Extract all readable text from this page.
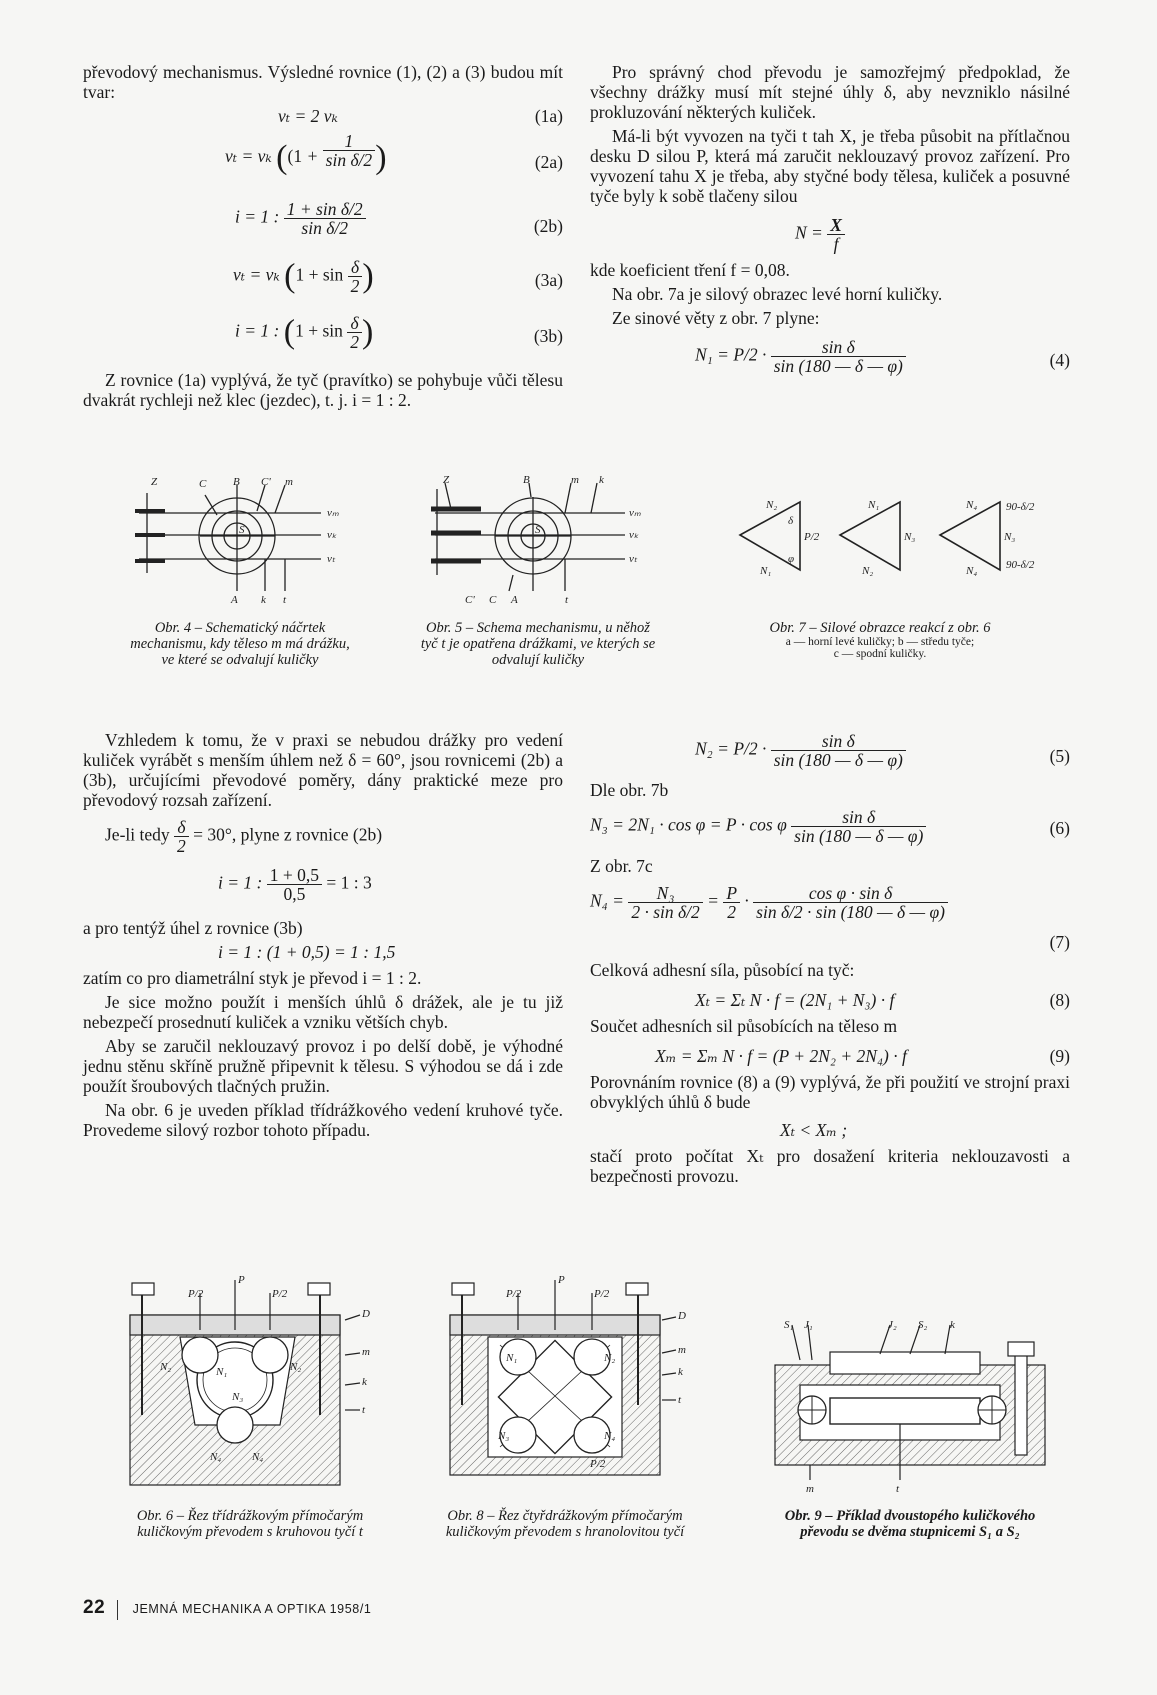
převodový mechanismus. Výsledné rovnice (1), (2) a (3) budou mít tvar:

vₜ = 2 vₖ	(1a)
vₜ = vₖ (($1 + \frac{1}{\text{sin δ/2}}$ )	(2a)
i = 1 : $\frac{\text{1 + sin δ/2}}{\text{sin δ/2}}$	(2b)
vₜ = vₖ ($1 + \sin \frac{\delta}{2}$ )	(3a)
i = 1 : ($1 + \sin \frac{\delta}{2}$ )	(3b)

Z rovnice (1a) vyplývá, že tyč (pravítko) se pohybuje vůči tělesu dvakrát rychleji než klec (jezdec), t. j. i = 1 : 2.

Pro správný chod převodu je samozřejmý předpoklad, že všechny drážky musí mít stejné úhly δ, aby nevzniklo násilné prokluzování některých kuliček.

Má-li být vyvozen na tyči t tah X, je třeba působit na přítlačnou desku D silou P, která má zaručit neklouzavý provoz zařízení. Pro vyvození tahu X je třeba, aby styčné body tělesa, kuliček a posuvné tyče byly k sobě tlačeny silou

$N = \frac{X}{f}$

kde koeficient tření f = 0,08.

Na obr. 7a je silový obrazec levé horní kuličky.

Ze sinové věty z obr. 7 plyne:

$N_1 = P/2 \cdot \frac{\text{sin δ}}{\sin (180 — \delta — \varphi)}$	(4)
Z	C B C' m
A k t
vₘ
vₖ
vₜ
S
Obr. 4 – Schematický náčrtek mechanismu, kdy těleso m má drážku, ve které se odvalují kuličky
Z	B	m k
C' C A	t
vₘ
vₖ
vₜ
S
Obr. 5 – Schema mechanismu, u něhož tyč t je opatřena drážkami, ve kterých se odvalují kuličky
N₂
N₁
δ
P/2
φ
N₁
N₂
N₃
N₄
N₄
N₃
90-δ/2
90-δ/2
Obr. 7 – Silové obrazce reakcí z obr. 6
a — horní levé kuličky; b — středu tyče;
c — spodní kuličky.

Vzhledem k tomu, že v praxi se nebudou drážky pro vedení kuliček vyrábět s menším úhlem než δ = 60°, jsou rovnicemi (2b) a (3b), určujícími převodové poměry, dány praktické meze pro převodový rozsah zařízení.

Je-li tedy $\frac{\delta}{2} = 30^\circ$, plyne z rovnice (2b)
i = 1 : $\frac{1 + 0,5}{0,5} = 1$ : 3

a pro tentýž úhel z rovnice (3b)

i = 1 : (1 + 0,5) = 1 : 1,5

zatím co pro diametrální styk je převod i = 1 : 2.

Je sice možno použít i menších úhlů δ drážek, ale je tu již nebezpečí prosednutí kuliček a vzniku větších chyb.

Aby se zaručil neklouzavý provoz i po delší době, je výhodné jednu stěnu skříně pružně připevnit k tělesu. S výhodou se dá i zde použít šroubových tlačných pružin.

Na obr. 6 je uveden příklad třídrážkového vedení kruhové tyče. Provedeme silový rozbor tohoto případu.

$N_2 = P/2 \cdot \frac{\text{sin δ}}{\sin (180 — \delta — \varphi)}$	(5)

Dle obr. 7b

N₃ = 2N₁ · cos φ = P · cos φ $\frac{\text{sin δ}}{\sin (180 — \delta — \varphi)}$	(6)

Z obr. 7c

$N_4 = \frac{\text{N₃}}{\text{2 · sin δ/2}} = \frac{P}{2} \cdot \frac{\text{cos φ · sin δ}}{\text{sin δ/2 · sin (180 — δ — φ)}}$
(7)

Celková adhesní síla, působící na tyč:

Xₜ = Σₜ N · f = (2N₁ + N₃) · f	(8)

Součet adhesních sil působících na těleso m

Xₘ = Σₘ N · f = (P + 2N₂ + 2N₄) · f	(9)

Porovnáním rovnice (8) a (9) vyplývá, že při použití ve strojní praxi obvyklých úhlů δ bude

Xₜ < Xₘ ;

stačí proto počítat Xₜ pro dosažení kriteria neklouzavosti a bezpečnosti provozu.

P
P/2	P/2
D
m
k
t
N₂	N₂
N₁
N₃
N₄	N₄
Obr. 6 – Řez třídrážkovým přímočarým kuličkovým převodem s kruhovou tyčí t
P
P/2	P/2
D
m
k
t
N₁	N₂
N₃	N₄
P/2
Obr. 8 – Řez čtyřdrážkovým přímočarým kuličkovým převodem s hranolovitou tyčí
S₁ J₁	J₂ S₂ k
m	t
Obr. 9 – Příklad dvoustopého kuličkového převodu se dvěma stupnicemi S₁ a S₂
22 JEMNÁ MECHANIKA A OPTIKA 1958/1
